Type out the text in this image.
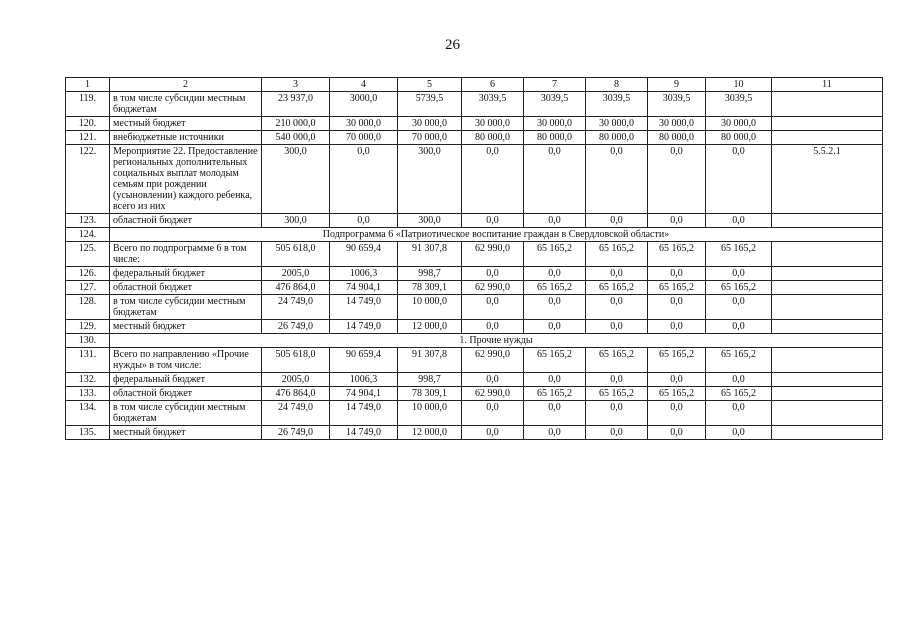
26
1	2	3	4	5	6	7	8	9	10	11
119.	в том числе субсидии местным бюджетам	23 937,0	3000,0	5739,5	3039,5	3039,5	3039,5	3039,5	3039,5	
120.	местный бюджет	210 000,0	30 000,0	30 000,0	30 000,0	30 000,0	30 000,0	30 000,0	30 000,0	
121.	внебюджетные источники	540 000,0	70 000,0	70 000,0	80 000,0	80 000,0	80 000,0	80 000,0	80 000,0	
122.	Мероприятие 22. Предоставление региональных дополнительных социальных выплат молодым семьям при рождении (усыновлении) каждого ребенка, всего из них	300,0	0,0	300,0	0,0	0,0	0,0	0,0	0,0	5.5.2.1
123.	областной бюджет	300,0	0,0	300,0	0,0	0,0	0,0	0,0	0,0	
124.	Подпрограмма 6 «Патриотическое воспитание граждан в Свердловской области»									
125.	Всего по подпрограмме 6 в том числе:	505 618,0	90 659,4	91 307,8	62 990,0	65 165,2	65 165,2	65 165,2	65 165,2	
126.	федеральный бюджет	2005,0	1006,3	998,7	0,0	0,0	0,0	0,0	0,0	
127.	областной бюджет	476 864,0	74 904,1	78 309,1	62 990,0	65 165,2	65 165,2	65 165,2	65 165,2	
128.	в том числе субсидии местным бюджетам	24 749,0	14 749,0	10 000,0	0,0	0,0	0,0	0,0	0,0	
129.	местный бюджет	26 749,0	14 749,0	12 000,0	0,0	0,0	0,0	0,0	0,0	
130.	1. Прочие нужды									
131.	Всего по направлению «Прочие нужды» в том числе:	505 618,0	90 659,4	91 307,8	62 990,0	65 165,2	65 165,2	65 165,2	65 165,2	
132.	федеральный бюджет	2005,0	1006,3	998,7	0,0	0,0	0,0	0,0	0,0	
133.	областной бюджет	476 864,0	74 904,1	78 309,1	62 990,0	65 165,2	65 165,2	65 165,2	65 165,2	
134.	в том числе субсидии местным бюджетам	24 749,0	14 749,0	10 000,0	0,0	0,0	0,0	0,0	0,0	
135.	местный бюджет	26 749,0	14 749,0	12 000,0	0,0	0,0	0,0	0,0	0,0	
